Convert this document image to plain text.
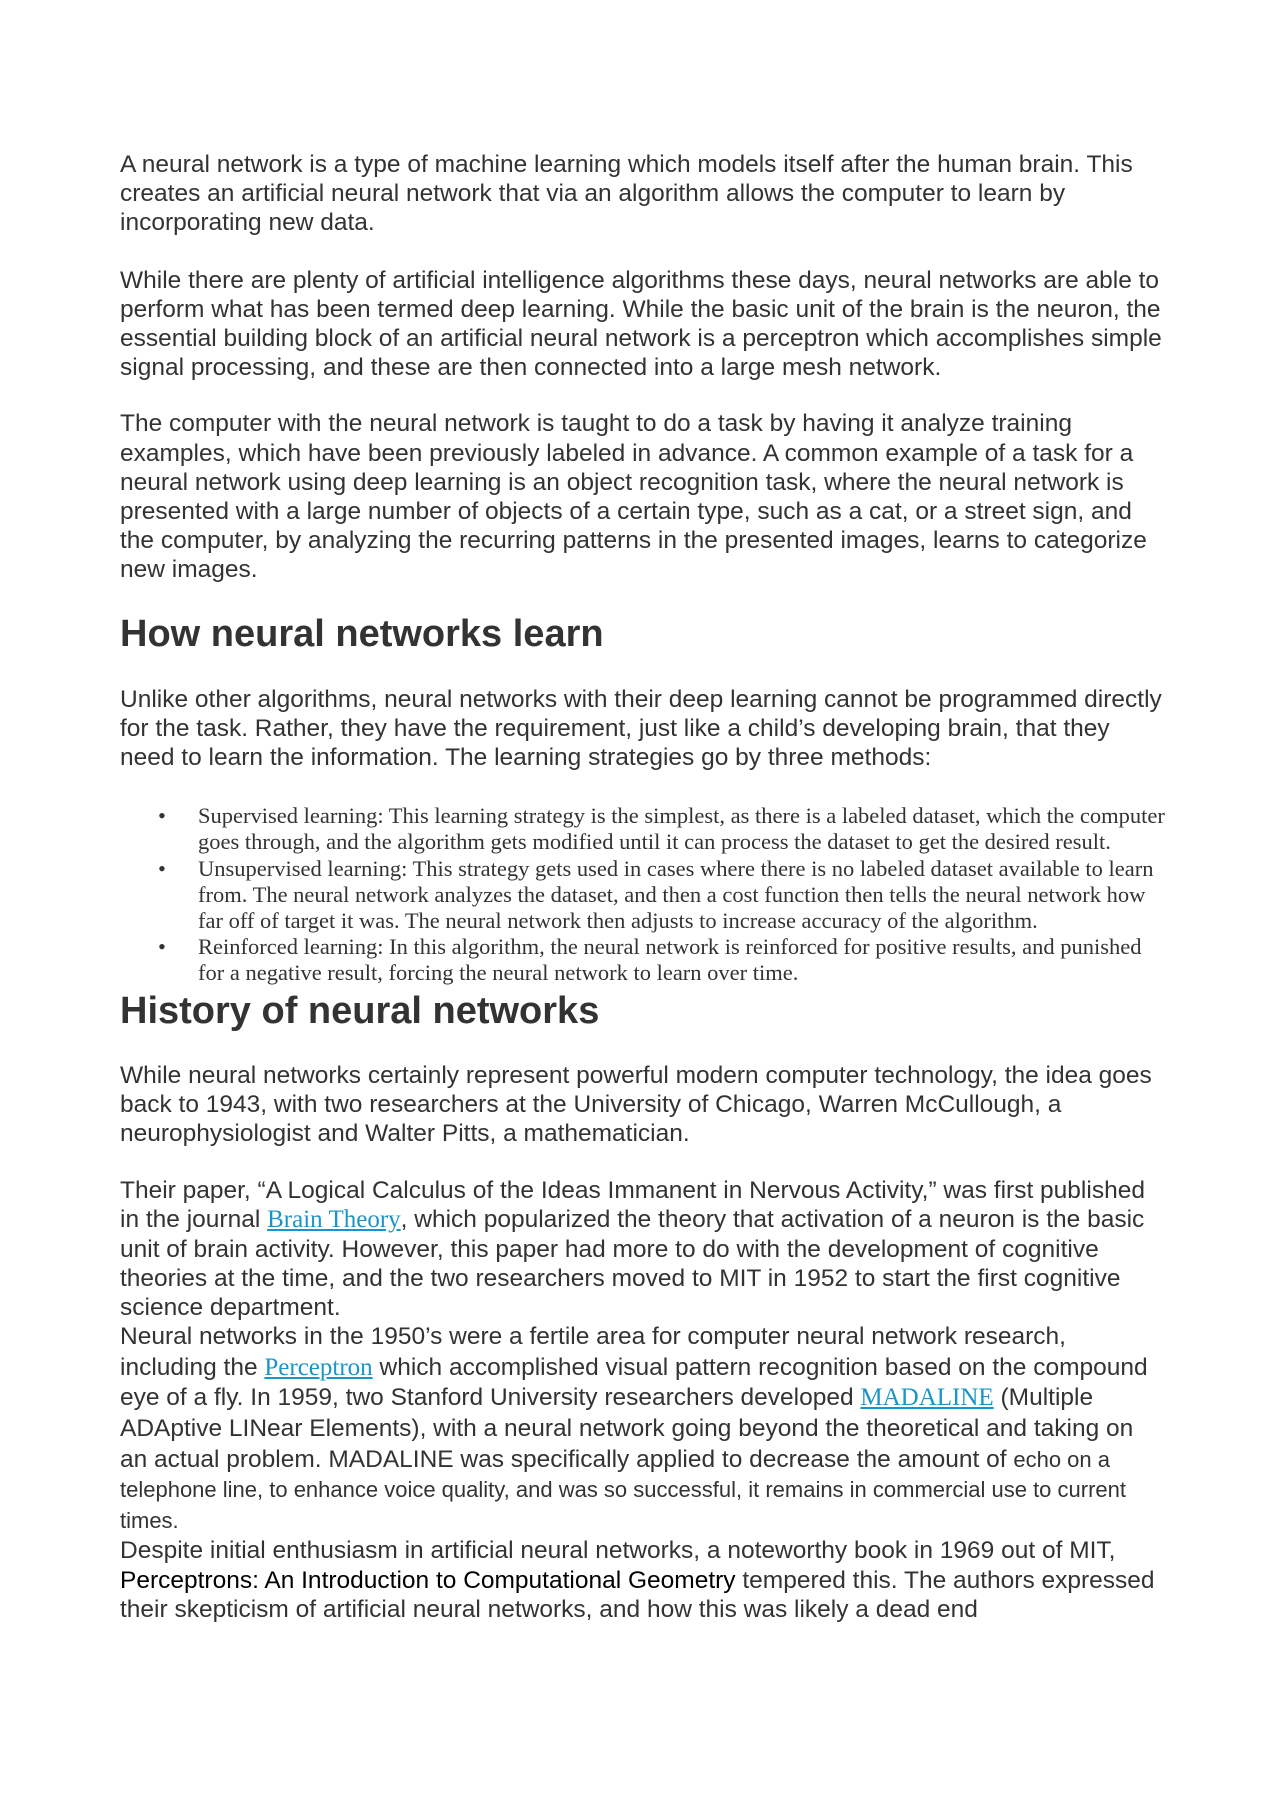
A neural network is a type of machine learning which models itself after the human brain. This creates an artificial neural network that via an algorithm allows the computer to learn by incorporating new data.

While there are plenty of artificial intelligence algorithms these days, neural networks are able to perform what has been termed deep learning. While the basic unit of the brain is the neuron, the essential building block of an artificial neural network is a perceptron which accomplishes simple signal processing, and these are then connected into a large mesh network.

The computer with the neural network is taught to do a task by having it analyze training examples, which have been previously labeled in advance. A common example of a task for a neural network using deep learning is an object recognition task, where the neural network is presented with a large number of objects of a certain type, such as a cat, or a street sign, and the computer, by analyzing the recurring patterns in the presented images, learns to categorize new images.

How neural networks learn

Unlike other algorithms, neural networks with their deep learning cannot be programmed directly for the task. Rather, they have the requirement, just like a child’s developing brain, that they need to learn the information. The learning strategies go by three methods:

• Supervised learning: This learning strategy is the simplest, as there is a labeled dataset, which the computer goes through, and the algorithm gets modified until it can process the dataset to get the desired result.
• Unsupervised learning: This strategy gets used in cases where there is no labeled dataset available to learn from. The neural network analyzes the dataset, and then a cost function then tells the neural network how far off of target it was. The neural network then adjusts to increase accuracy of the algorithm.
• Reinforced learning: In this algorithm, the neural network is reinforced for positive results, and punished for a negative result, forcing the neural network to learn over time.
History of neural networks

While neural networks certainly represent powerful modern computer technology, the idea goes back to 1943, with two researchers at the University of Chicago, Warren McCullough, a neurophysiologist and Walter Pitts, a mathematician.

Their paper, “A Logical Calculus of the Ideas Immanent in Nervous Activity,” was first published in the journal Brain Theory, which popularized the theory that activation of a neuron is the basic unit of brain activity. However, this paper had more to do with the development of cognitive theories at the time, and the two researchers moved to MIT in 1952 to start the first cognitive science department.

Neural networks in the 1950’s were a fertile area for computer neural network research, including the Perceptron which accomplished visual pattern recognition based on the compound eye of a fly. In 1959, two Stanford University researchers developed MADALINE (Multiple ADAptive LINear Elements), with a neural network going beyond the theoretical and taking on an actual problem. MADALINE was specifically applied to decrease the amount of echo on a telephone line, to enhance voice quality, and was so successful, it remains in commercial use to current times.

Despite initial enthusiasm in artificial neural networks, a noteworthy book in 1969 out of MIT, Perceptrons: An Introduction to Computational Geometry tempered this. The authors expressed their skepticism of artificial neural networks, and how this was likely a dead end
